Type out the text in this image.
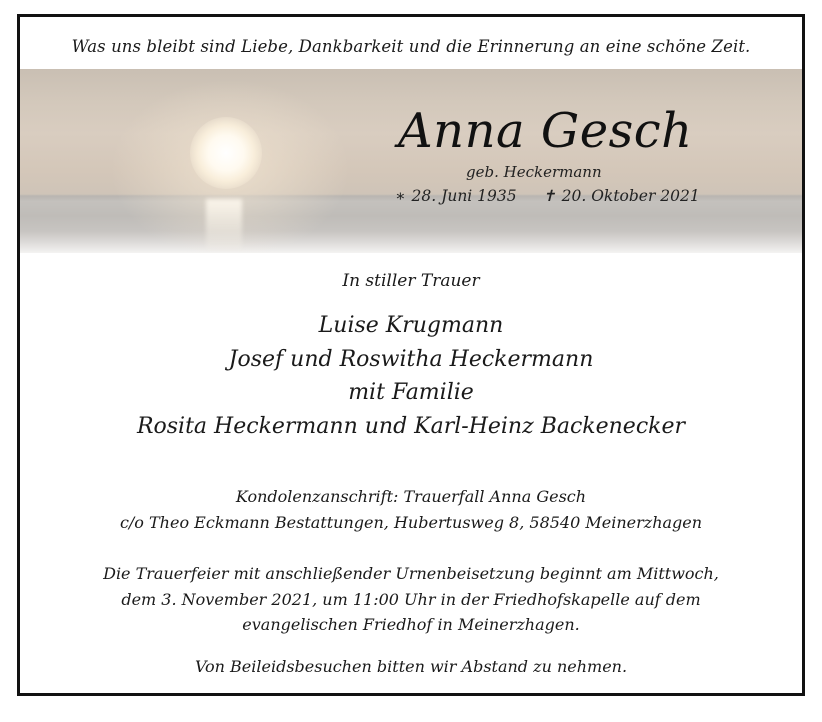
Was uns bleibt sind Liebe, Dankbarkeit und die Erinnerung an eine schöne Zeit.
Anna Gesch
geb. Heckermann
∗ 28. Juni 1935 ✝ 20. Oktober 2021
In stiller Trauer
Luise Krugmann
Josef und Roswitha Heckermann
mit Familie
Rosita Heckermann und Karl-Heinz Backenecker
Kondolenzanschrift: Trauerfall Anna Gesch
c/o Theo Eckmann Bestattungen, Hubertusweg 8, 58540 Meinerzhagen
Die Trauerfeier mit anschließender Urnenbeisetzung beginnt am Mittwoch,
dem 3. November 2021, um 11:00 Uhr in der Friedhofskapelle auf dem
evangelischen Friedhof in Meinerzhagen.
Von Beileidsbesuchen bitten wir Abstand zu nehmen.
